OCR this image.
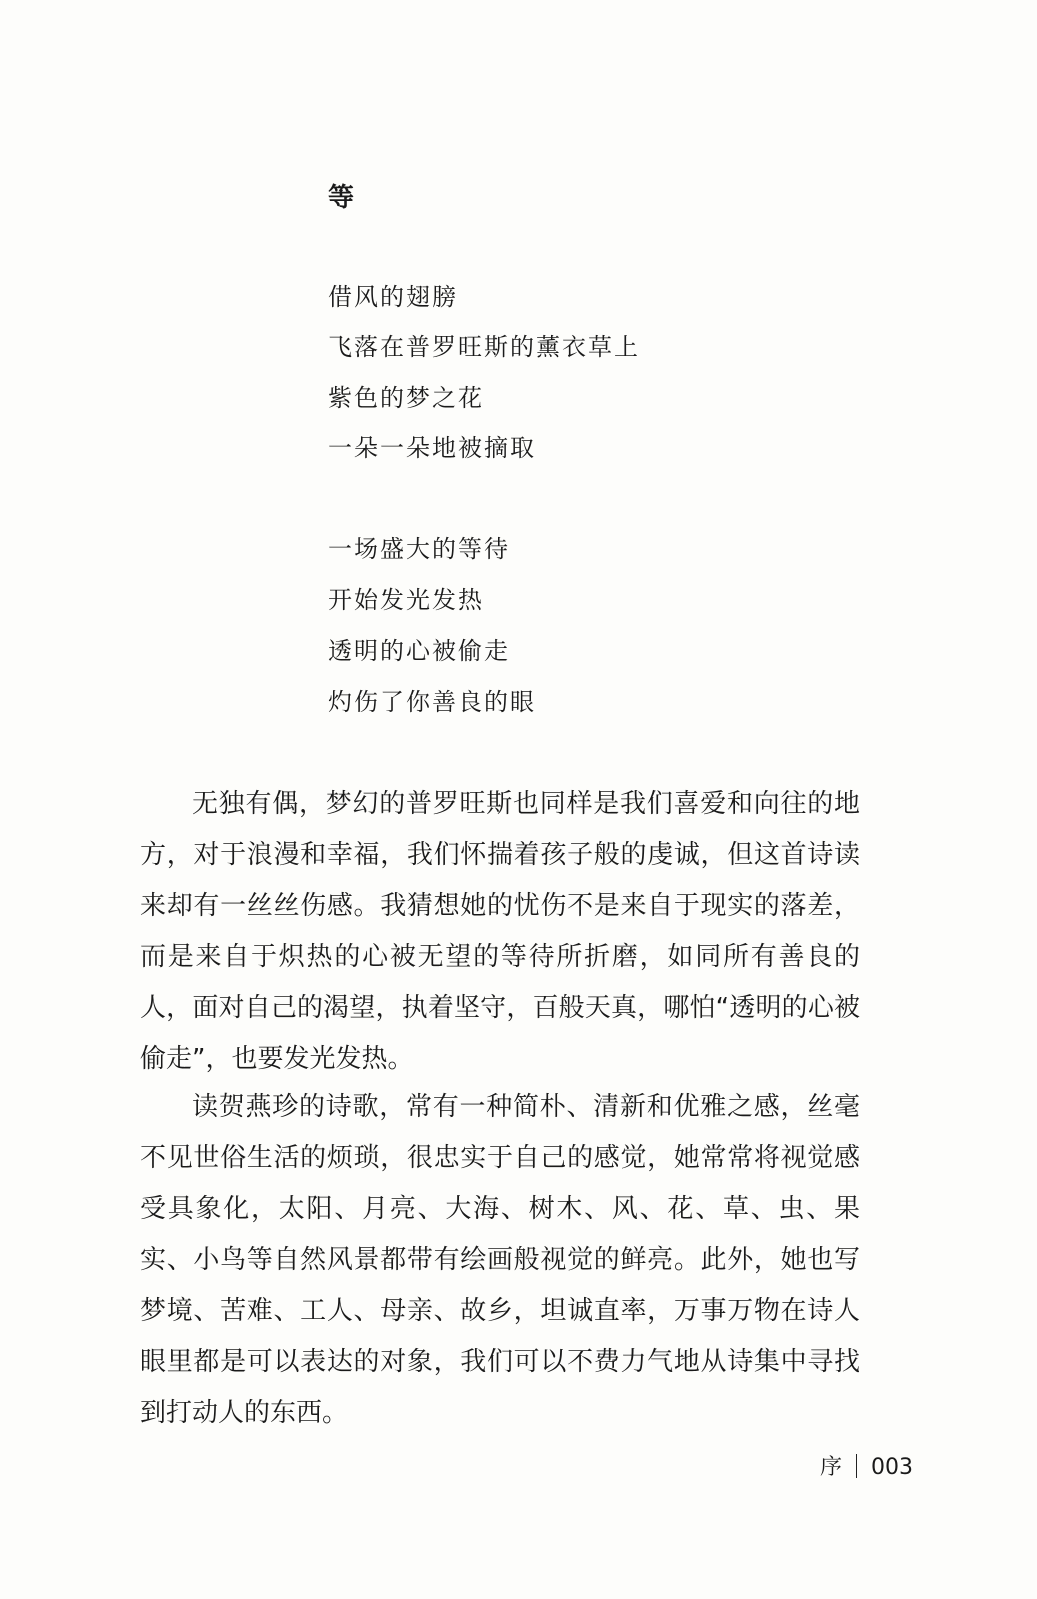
等

借风的翅膀

飞落在普罗旺斯的薰衣草上

紫色的梦之花

一朵一朵地被摘取

一场盛大的等待

开始发光发热

透明的心被偷走

灼伤了你善良的眼

无独有偶，梦幻的普罗旺斯也同样是我们喜爱和向往的地方，对于浪漫和幸福，我们怀揣着孩子般的虔诚，但这首诗读来却有一丝丝伤感。我猜想她的忧伤不是来自于现实的落差，而是来自于炽热的心被无望的等待所折磨，如同所有善良的人，面对自己的渴望，执着坚守，百般天真，哪怕“透明的心被偷走”，也要发光发热。

读贺燕珍的诗歌，常有一种简朴、清新和优雅之感，丝毫不见世俗生活的烦琐，很忠实于自己的感觉，她常常将视觉感受具象化，太阳、月亮、大海、树木、风、花、草、虫、果实、小鸟等自然风景都带有绘画般视觉的鲜亮。此外，她也写梦境、苦难、工人、母亲、故乡，坦诚直率，万事万物在诗人眼里都是可以表达的对象，我们可以不费力气地从诗集中寻找到打动人的东西。

序 003
